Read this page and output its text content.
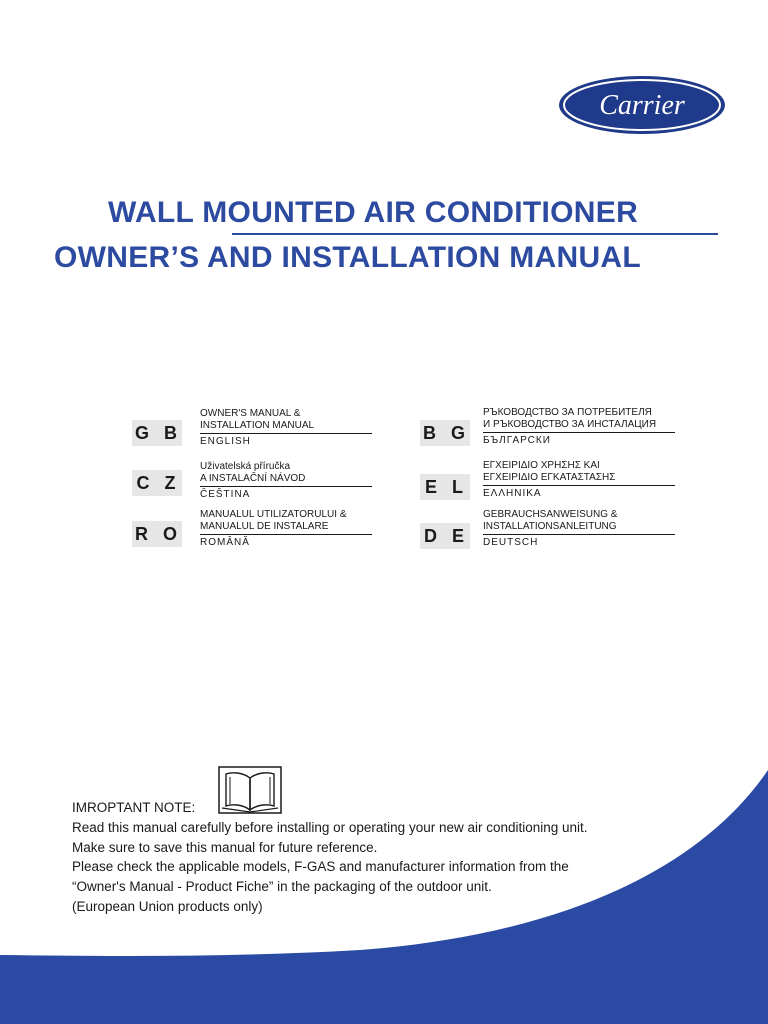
Carrier
WALL MOUNTED AIR CONDITIONER
OWNER’S AND INSTALLATION MANUAL
G B
OWNER'S MANUAL &
INSTALLATION MANUAL
ENGLISH
C Z
Uživatelská příručka
A INSTALAČNÍ NÁVOD
ČEŠTINA
R O
MANUALUL UTILIZATORULUI &
MANUALUL DE INSTALARE
ROMÂNĂ
B G
РЪКОВОДСТВО ЗА ПОТРЕБИТЕЛЯ
И РЪКОВОДСТВО ЗА ИНСТАЛАЦИЯ
БЪЛГАРСКИ
E L
ΕΓΧΕΙΡΙΔΙΟ ΧΡΗΣΗΣ ΚΑΙ
ΕΓΧΕΙΡΙΔΙΟ ΕΓΚΑΤΑΣΤΑΣΗΣ
ΕΛΛΗΝΙΚΑ
D E
GEBRAUCHSANWEISUNG &
INSTALLATIONSANLEITUNG
DEUTSCH
IMROPTANT NOTE:
Read this manual carefully before installing or operating your new air conditioning unit.
Make sure to save this manual for future reference.
Please check the applicable models, F-GAS and manufacturer information from the
“Owner's Manual - Product Fiche” in the packaging of the outdoor unit.
(European Union products only)
